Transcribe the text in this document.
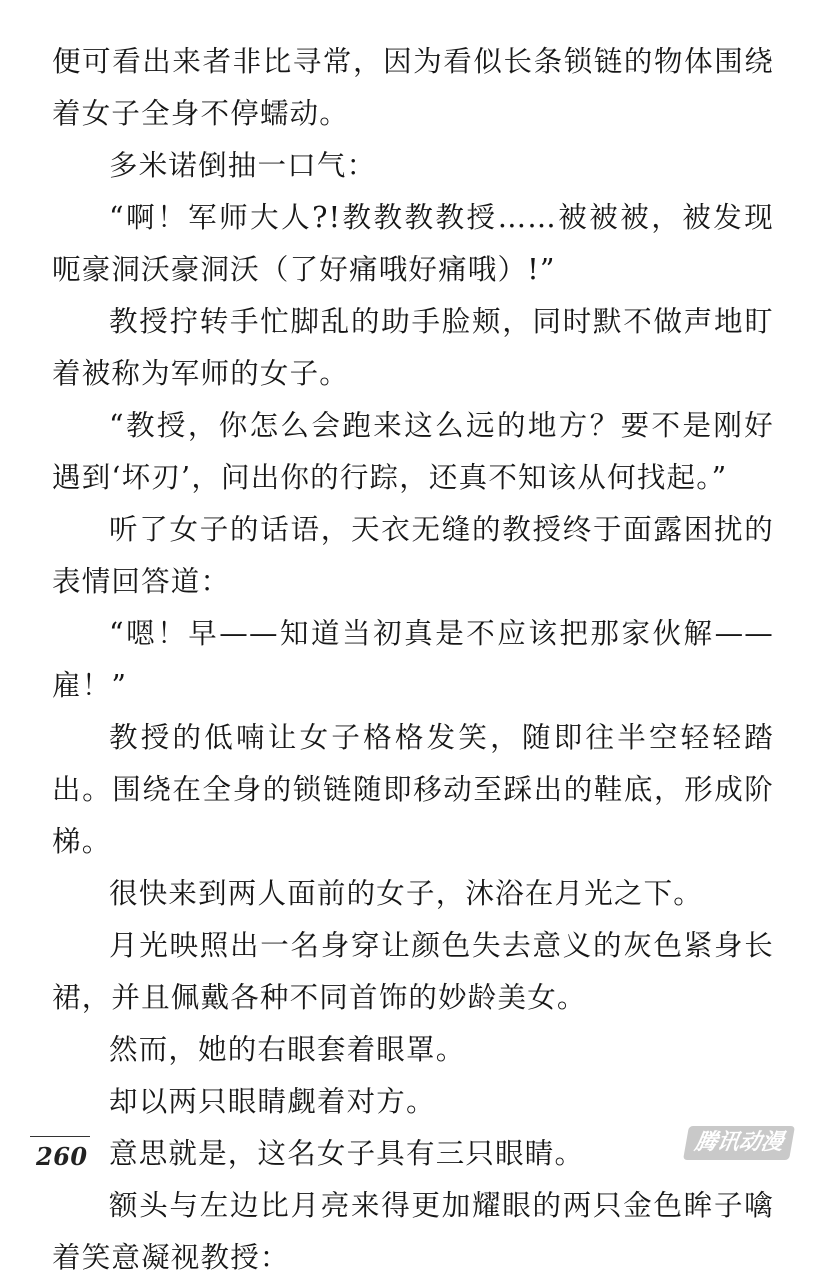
便可看出来者非比寻常，因为看似长条锁链的物体围绕着女子全身不停蠕动。

多米诺倒抽一口气：

“啊！军师大人?!教教教教授……被被被，被发现呃豪洞沃豪洞沃（了好痛哦好痛哦）!”

教授拧转手忙脚乱的助手脸颊，同时默不做声地盯着被称为军师的女子。

“教授，你怎么会跑来这么远的地方？要不是刚好遇到‘坏刃’，问出你的行踪，还真不知该从何找起。”

听了女子的话语，天衣无缝的教授终于面露困扰的表情回答道：

“嗯！早——知道当初真是不应该把那家伙解——雇！”

教授的低喃让女子格格发笑，随即往半空轻轻踏出。围绕在全身的锁链随即移动至踩出的鞋底，形成阶梯。

很快来到两人面前的女子，沐浴在月光之下。

月光映照出一名身穿让颜色失去意义的灰色紧身长裙，并且佩戴各种不同首饰的妙龄美女。

然而，她的右眼套着眼罩。

却以两只眼睛觑着对方。

意思就是，这名女子具有三只眼睛。

额头与左边比月亮来得更加耀眼的两只金色眸子噙着笑意凝视教授：

260	腾讯动漫
